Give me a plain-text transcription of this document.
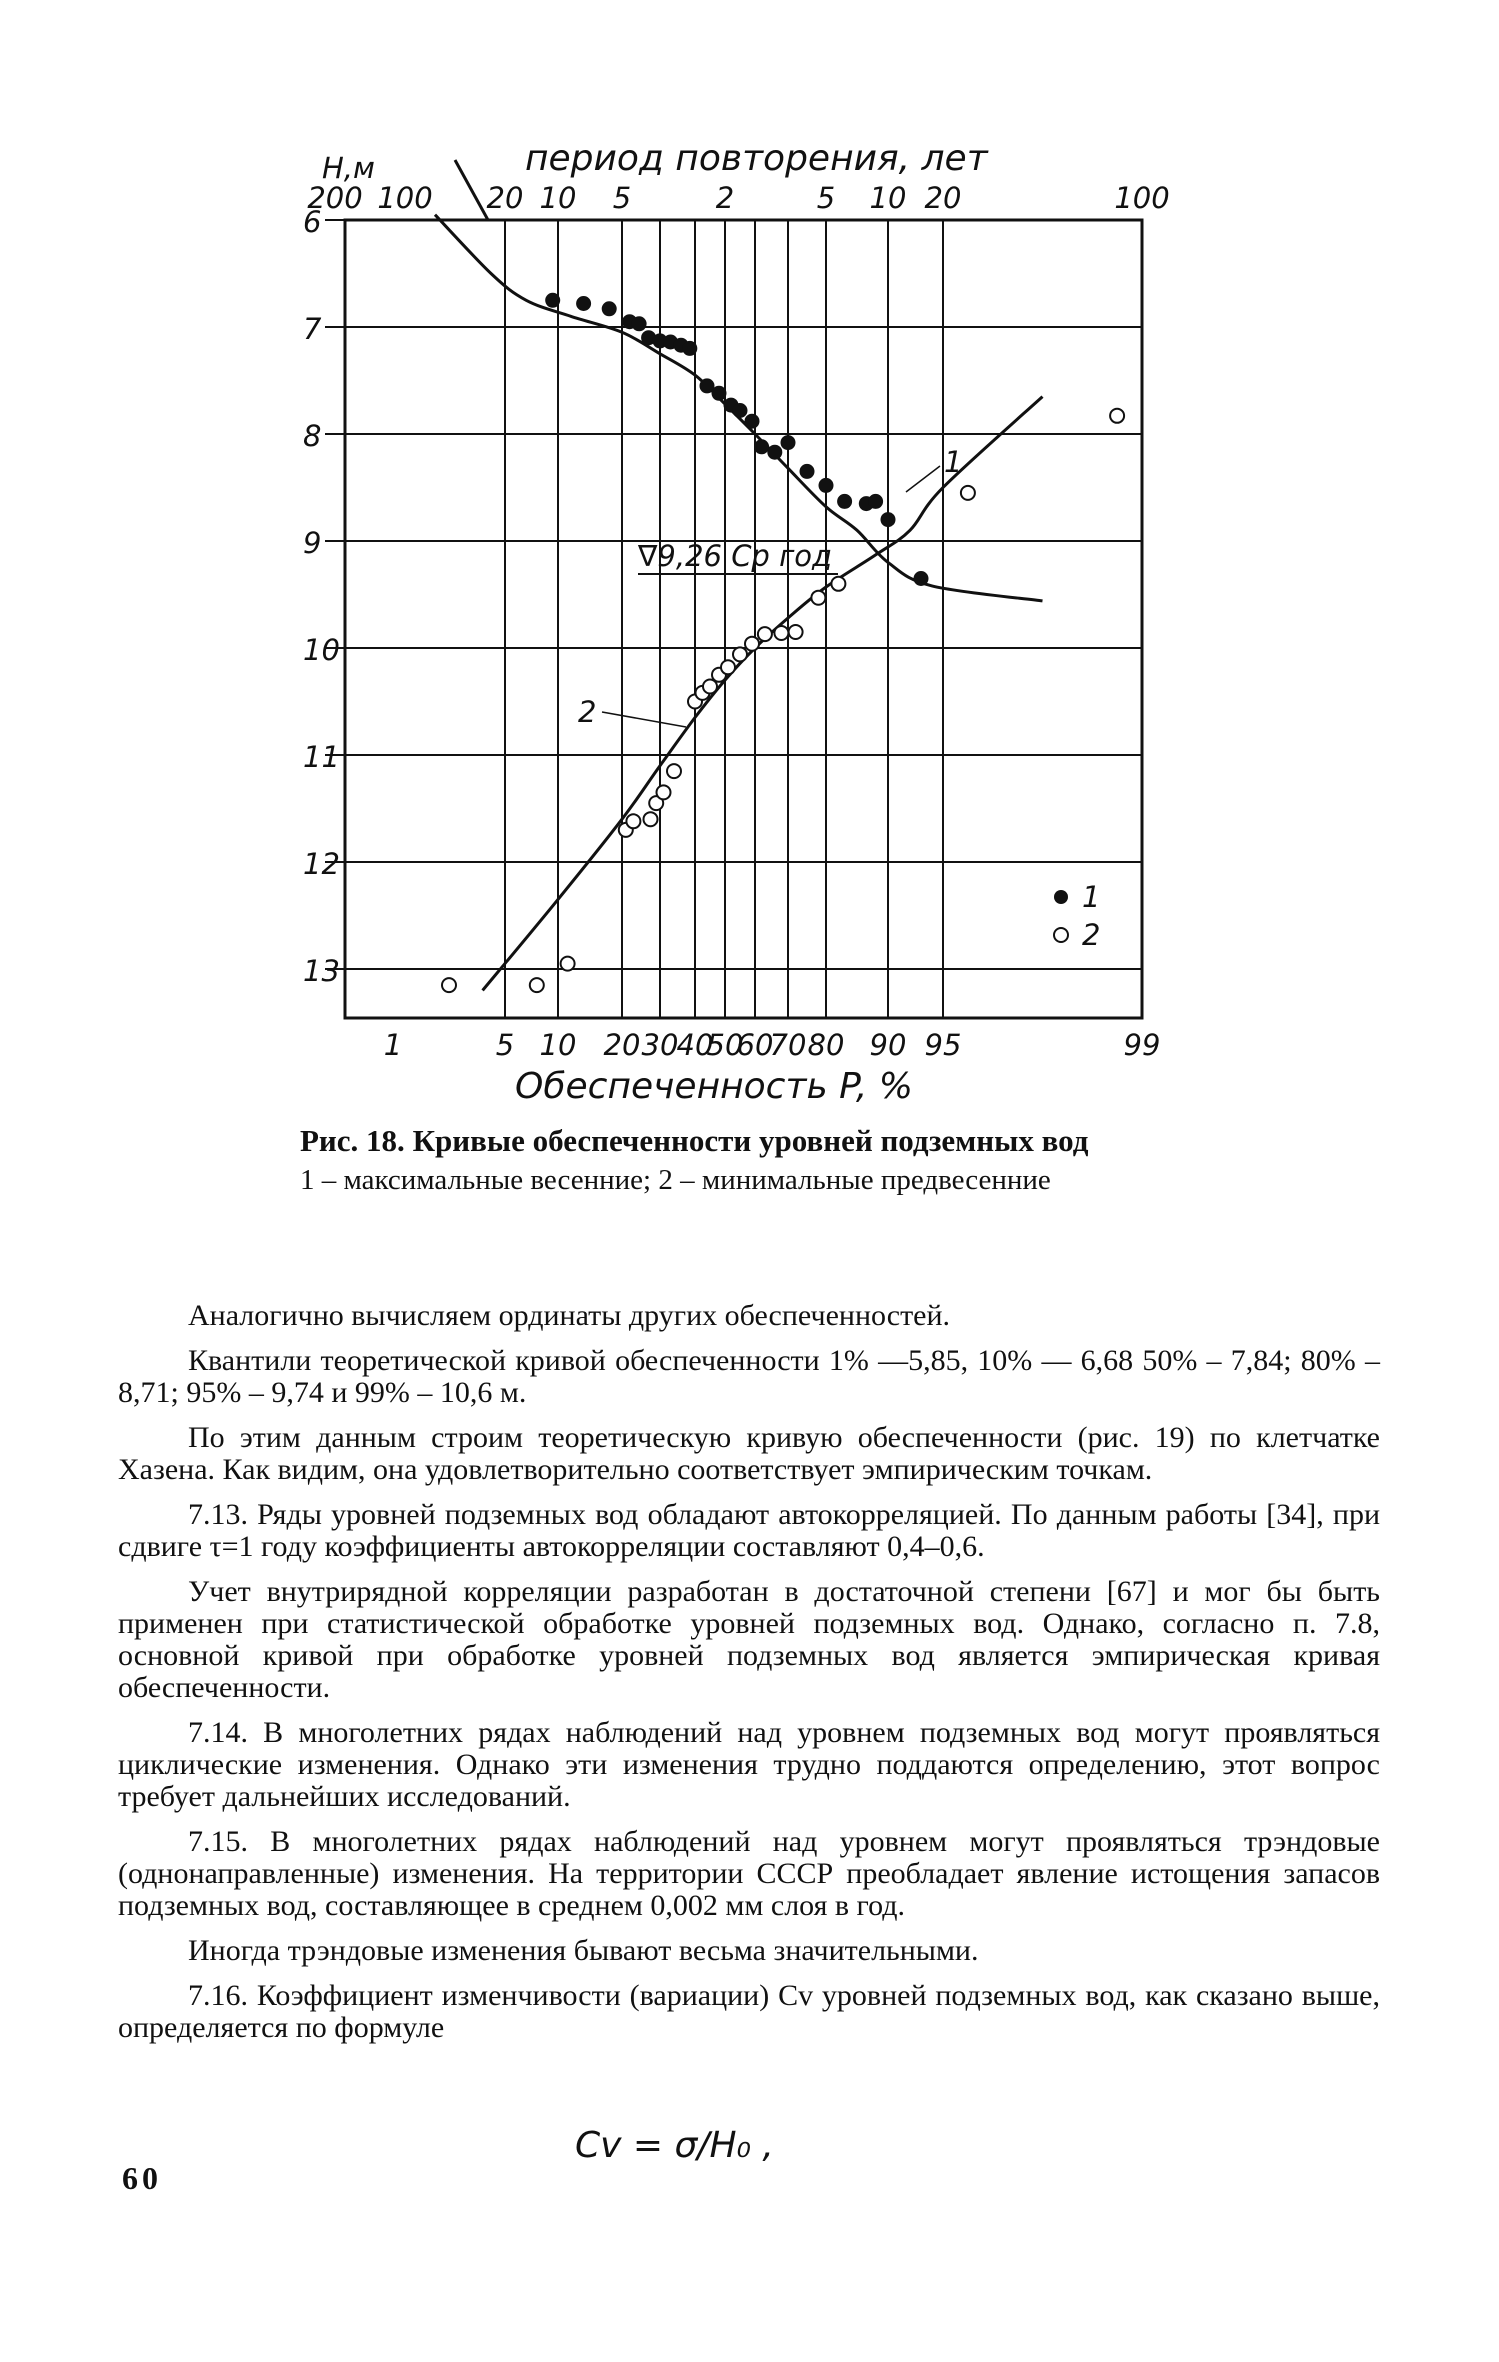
6
7
8
9
10
11
12
13
1	5 10 20 30
40
50
60
70 80 90 95	99
200 100 20 10 5	2	5 10 20	100
Н,м	период повторения, лет
Обеспеченность P, %
∇9,26 Ср год
1
2
1
2
Рис. 18. Кривые обеспеченности уровней подземных вод
1 – максимальные весенние; 2 – минимальные предвесенние

Аналогично вычисляем ординаты других обеспеченностей.

Квантили теоретической кривой обеспеченности 1% —5,85, 10% — 6,68 50% – 7,84; 80% – 8,71; 95% – 9,74 и 99% – 10,6 м.

По этим данным строим теоретическую кривую обеспеченности (рис. 19) по клетчатке Хазена. Как видим, она удовлетворительно соответствует эмпирическим точкам.

7.13. Ряды уровней подземных вод обладают автокорреляцией. По данным работы [34], при сдвиге τ=1 году коэффициенты автокорреляции составляют 0,4–0,6.

Учет внутрирядной корреляции разработан в достаточной степени [67] и мог бы быть применен при статистической обработке уровней подземных вод. Однако, согласно п. 7.8, основной кривой при обработке уровней подземных вод является эмпирическая кривая обеспеченности.

7.14. В многолетних рядах наблюдений над уровнем подземных вод могут проявляться циклические изменения. Однако эти изменения трудно поддаются определению, этот вопрос требует дальнейших исследований.

7.15. В многолетних рядах наблюдений над уровнем могут проявляться трэндовые (однонаправленные) изменения. На территории СССР преобладает явление истощения запасов подземных вод, составляющее в среднем 0,002 мм слоя в год.

Иногда трэндовые изменения бывают весьма значительными.

7.16. Коэффициент изменчивости (вариации) Cv уровней подземных вод, как сказано выше, определяется по формуле

Cv = σ/H₀ ,
60
